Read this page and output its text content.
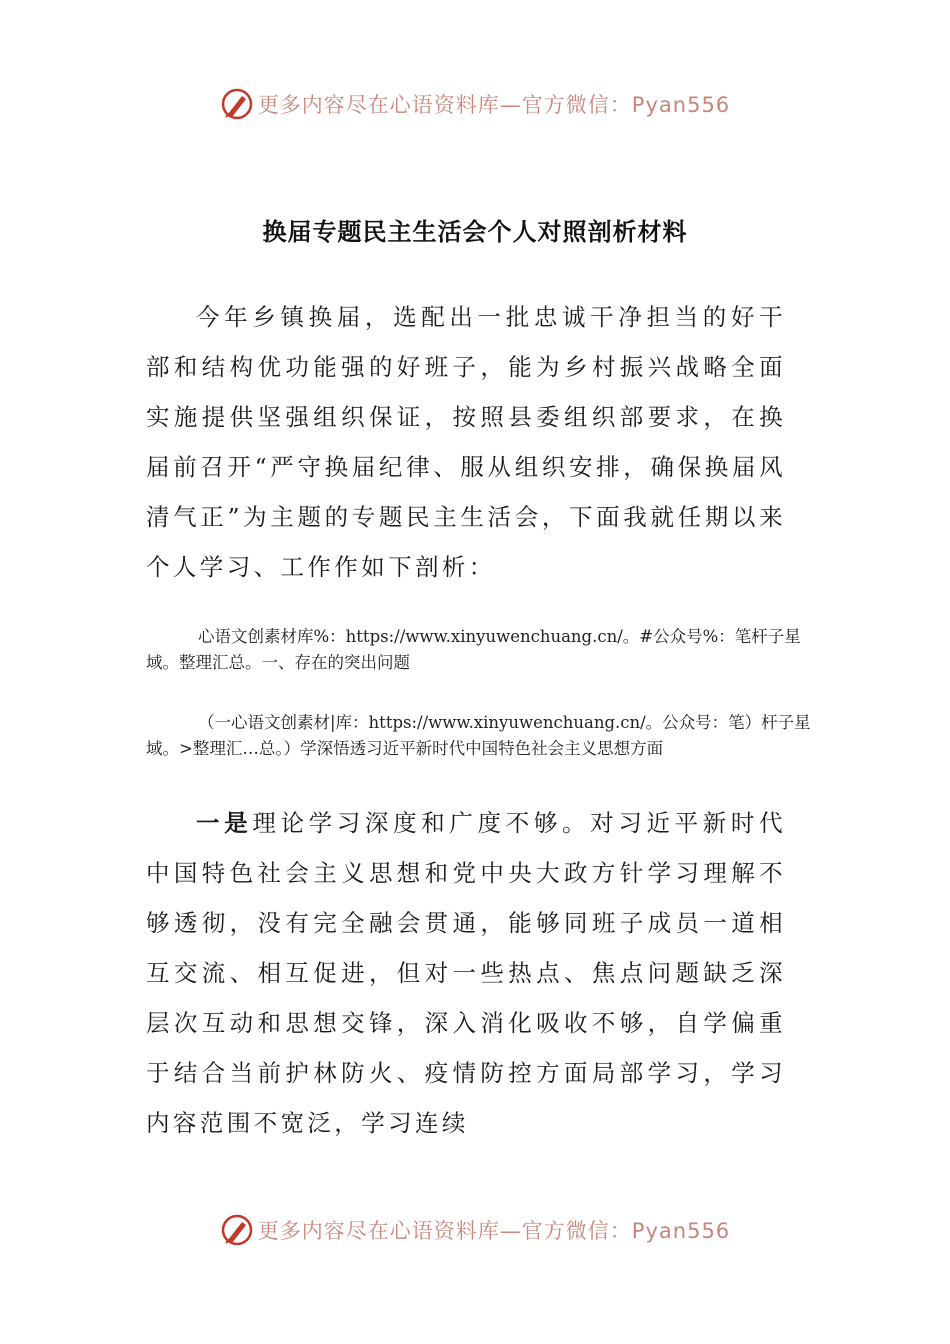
更多内容尽在心语资料库—官方微信：Pyan556
换届专题民主生活会个人对照剖析材料
今年乡镇换届，选配出一批忠诚干净担当的好干部和结构优功能强的好班子，能为乡村振兴战略全面实施提供坚强组织保证，按照县委组织部要求，在换届前召开“严守换届纪律、服从组织安排，确保换届风清气正”为主题的专题民主生活会，下面我就任期以来个人学习、工作作如下剖析：
心语文创素材库%：https://www.xinyuwenchuang.cn/。#公众号%：笔杆子星域。整理汇总。一、存在的突出问题
（一心语文创素材|库：https://www.xinyuwenchuang.cn/。公众号：笔）杆子星域。>整理汇…总。）学深悟透习近平新时代中国特色社会主义思想方面
一是理论学习深度和广度不够。对习近平新时代中国特色社会主义思想和党中央大政方针学习理解不够透彻，没有完全融会贯通，能够同班子成员一道相互交流、相互促进，但对一些热点、焦点问题缺乏深层次互动和思想交锋，深入消化吸收不够，自学偏重于结合当前护林防火、疫情防控方面局部学习，学习内容范围不宽泛，学习连续
更多内容尽在心语资料库—官方微信：Pyan556
